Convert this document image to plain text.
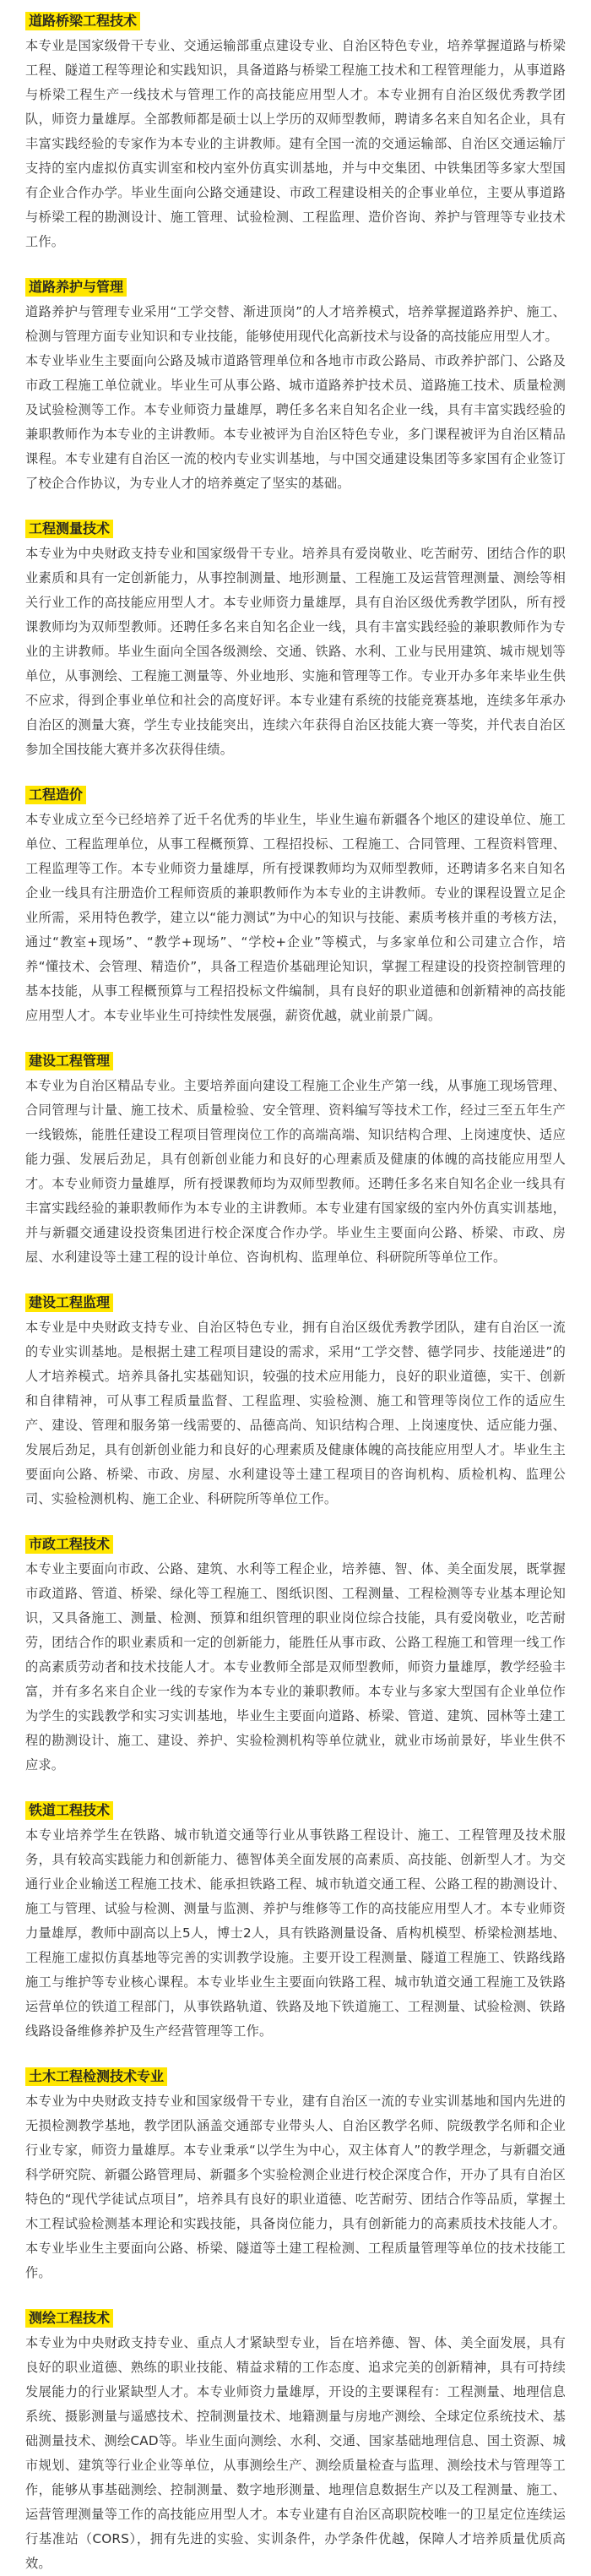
道路桥梁工程技术

本专业是国家级骨干专业、交通运输部重点建设专业、自治区特色专业，培养掌握道路与桥梁工程、隧道工程等理论和实践知识，具备道路与桥梁工程施工技术和工程管理能力，从事道路与桥梁工程生产一线技术与管理工作的高技能应用型人才。本专业拥有自治区级优秀教学团队，师资力量雄厚。全部教师都是硕士以上学历的双师型教师，聘请多名来自知名企业，具有丰富实践经验的专家作为本专业的主讲教师。建有全国一流的交通运输部、自治区交通运输厅支持的室内虚拟仿真实训室和校内室外仿真实训基地，并与中交集团、中铁集团等多家大型国有企业合作办学。毕业生面向公路交通建设、市政工程建设相关的企事业单位，主要从事道路与桥梁工程的勘测设计、施工管理、试验检测、工程监理、造价咨询、养护与管理等专业技术工作。

道路养护与管理

道路养护与管理专业采用“工学交替、渐进顶岗”的人才培养模式，培养掌握道路养护、施工、检测与管理方面专业知识和专业技能，能够使用现代化高新技术与设备的高技能应用型人才。

本专业毕业生主要面向公路及城市道路管理单位和各地市市政公路局、市政养护部门、公路及市政工程施工单位就业。毕业生可从事公路、城市道路养护技术员、道路施工技术、质量检测及试验检测等工作。本专业师资力量雄厚，聘任多名来自知名企业一线，具有丰富实践经验的兼职教师作为本专业的主讲教师。本专业被评为自治区特色专业，多门课程被评为自治区精品课程。本专业建有自治区一流的校内专业实训基地，与中国交通建设集团等多家国有企业签订了校企合作协议，为专业人才的培养奠定了坚实的基础。

工程测量技术

本专业为中央财政支持专业和国家级骨干专业。培养具有爱岗敬业、吃苦耐劳、团结合作的职业素质和具有一定创新能力，从事控制测量、地形测量、工程施工及运营管理测量、测绘等相关行业工作的高技能应用型人才。本专业师资力量雄厚，具有自治区级优秀教学团队，所有授课教师均为双师型教师。还聘任多名来自知名企业一线，具有丰富实践经验的兼职教师作为专业的主讲教师。毕业生面向全国各级测绘、交通、铁路、水利、工业与民用建筑、城市规划等单位，从事测绘、工程施工测量等、外业地形、实施和管理等工作。专业开办多年来毕业生供不应求，得到企事业单位和社会的高度好评。本专业建有系统的技能竞赛基地，连续多年承办自治区的测量大赛，学生专业技能突出，连续六年获得自治区技能大赛一等奖，并代表自治区参加全国技能大赛并多次获得佳绩。

工程造价

本专业成立至今已经培养了近千名优秀的毕业生，毕业生遍布新疆各个地区的建设单位、施工单位、工程监理单位，从事工程概预算、工程招投标、工程施工、合同管理、工程资料管理、工程监理等工作。本专业师资力量雄厚，所有授课教师均为双师型教师，还聘请多名来自知名企业一线具有注册造价工程师资质的兼职教师作为本专业的主讲教师。专业的课程设置立足企业所需，采用特色教学，建立以“能力测试”为中心的知识与技能、素质考核并重的考核方法，通过“教室+现场”、“教学+现场”、“学校+企业”等模式，与多家单位和公司建立合作，培养“懂技术、会管理、精造价”，具备工程造价基础理论知识，掌握工程建设的投资控制管理的基本技能，从事工程概预算与工程招投标文件编制，具有良好的职业道德和创新精神的高技能应用型人才。本专业毕业生可持续性发展强，薪资优越，就业前景广阔。

建设工程管理

本专业为自治区精品专业。主要培养面向建设工程施工企业生产第一线，从事施工现场管理、合同管理与计量、施工技术、质量检验、安全管理、资料编写等技术工作，经过三至五年生产一线锻炼，能胜任建设工程项目管理岗位工作的高端高端、知识结构合理、上岗速度快、适应能力强、发展后劲足，具有创新创业能力和良好的心理素质及健康的体魄的高技能应用型人才。本专业师资力量雄厚，所有授课教师均为双师型教师。还聘任多名来自知名企业一线具有丰富实践经验的兼职教师作为本专业的主讲教师。本专业建有国家级的室内外仿真实训基地，并与新疆交通建设投资集团进行校企深度合作办学。毕业生主要面向公路、桥梁、市政、房屋、水利建设等土建工程的设计单位、咨询机构、监理单位、科研院所等单位工作。

建设工程监理

本专业是中央财政支持专业、自治区特色专业，拥有自治区级优秀教学团队，建有自治区一流的专业实训基地。是根据土建工程项目建设的需求，采用“工学交替、德学同步、技能递进”的人才培养模式。培养具备扎实基础知识，较强的技术应用能力，良好的职业道德，实干、创新和自律精神，可从事工程质量监督、工程监理、实验检测、施工和管理等岗位工作的适应生产、建设、管理和服务第一线需要的、品德高尚、知识结构合理、上岗速度快、适应能力强、发展后劲足，具有创新创业能力和良好的心理素质及健康体魄的高技能应用型人才。毕业生主要面向公路、桥梁、市政、房屋、水利建设等土建工程项目的咨询机构、质检机构、监理公司、实验检测机构、施工企业、科研院所等单位工作。

市政工程技术

本专业主要面向市政、公路、建筑、水利等工程企业，培养德、智、体、美全面发展，既掌握市政道路、管道、桥梁、绿化等工程施工、图纸识图、工程测量、工程检测等专业基本理论知识，又具备施工、测量、检测、预算和组织管理的职业岗位综合技能，具有爱岗敬业，吃苦耐劳，团结合作的职业素质和一定的创新能力，能胜任从事市政、公路工程施工和管理一线工作的高素质劳动者和技术技能人才。本专业教师全部是双师型教师，师资力量雄厚，教学经验丰富，并有多名来自企业一线的专家作为本专业的兼职教师。本专业与多家大型国有企业单位作为学生的实践教学和实习实训基地，毕业生主要面向道路、桥梁、管道、建筑、园林等土建工程的勘测设计、施工、建设、养护、实验检测机构等单位就业，就业市场前景好，毕业生供不应求。

铁道工程技术

本专业培养学生在铁路、城市轨道交通等行业从事铁路工程设计、施工、工程管理及技术服务，具有较高实践能力和创新能力、德智体美全面发展的高素质、高技能、创新型人才。为交通行业企业输送工程施工技术、能承担铁路工程、城市轨道交通工程、公路工程的勘测设计、施工与管理、试验与检测、测量与监测、养护与维修等工作的高技能应用型人才。本专业师资力量雄厚，教师中副高以上5人，博士2人，具有铁路测量设备、盾构机模型、桥梁检测基地、工程施工虚拟仿真基地等完善的实训教学设施。主要开设工程测量、隧道工程施工、铁路线路施工与维护等专业核心课程。本专业毕业生主要面向铁路工程、城市轨道交通工程施工及铁路运营单位的铁道工程部门，从事铁路轨道、铁路及地下铁道施工、工程测量、试验检测、铁路线路设备维修养护及生产经营管理等工作。

土木工程检测技术专业

本专业为中央财政支持专业和国家级骨干专业，建有自治区一流的专业实训基地和国内先进的无损检测教学基地，教学团队涵盖交通部专业带头人、自治区教学名师、院级教学名师和企业行业专家，师资力量雄厚。本专业秉承“以学生为中心，双主体育人”的教学理念，与新疆交通科学研究院、新疆公路管理局、新疆多个实验检测企业进行校企深度合作，开办了具有自治区特色的“现代学徒试点项目”，培养具有良好的职业道德、吃苦耐劳、团结合作等品质，掌握土木工程试验检测基本理论和实践技能，具备岗位能力，具有创新能力的高素质技术技能人才。本专业毕业生主要面向公路、桥梁、隧道等土建工程检测、工程质量管理等单位的技术技能工作。

测绘工程技术

本专业为中央财政支持专业、重点人才紧缺型专业，旨在培养德、智、体、美全面发展，具有良好的职业道德、熟练的职业技能、精益求精的工作态度、追求完美的创新精神，具有可持续发展能力的行业紧缺型人才。本专业师资力量雄厚，开设的主要课程有：工程测量、地理信息系统、摄影测量与遥感技术、控制测量技术、地籍测量与房地产测绘、全球定位系统技术、基础测量技术、测绘CAD等。毕业生面向测绘、水利、交通、国家基础地理信息、国土资源、城市规划、建筑等行业企业等单位，从事测绘生产、测绘质量检查与监理、测绘技术与管理等工作，能够从事基础测绘、控制测量、数字地形测量、地理信息数据生产以及工程测量、施工、运营管理测量等工作的高技能应用型人才。本专业建有自治区高职院校唯一的卫星定位连续运行基准站（CORS），拥有先进的实验、实训条件，办学条件优越，保障人才培养质量优质高效。
